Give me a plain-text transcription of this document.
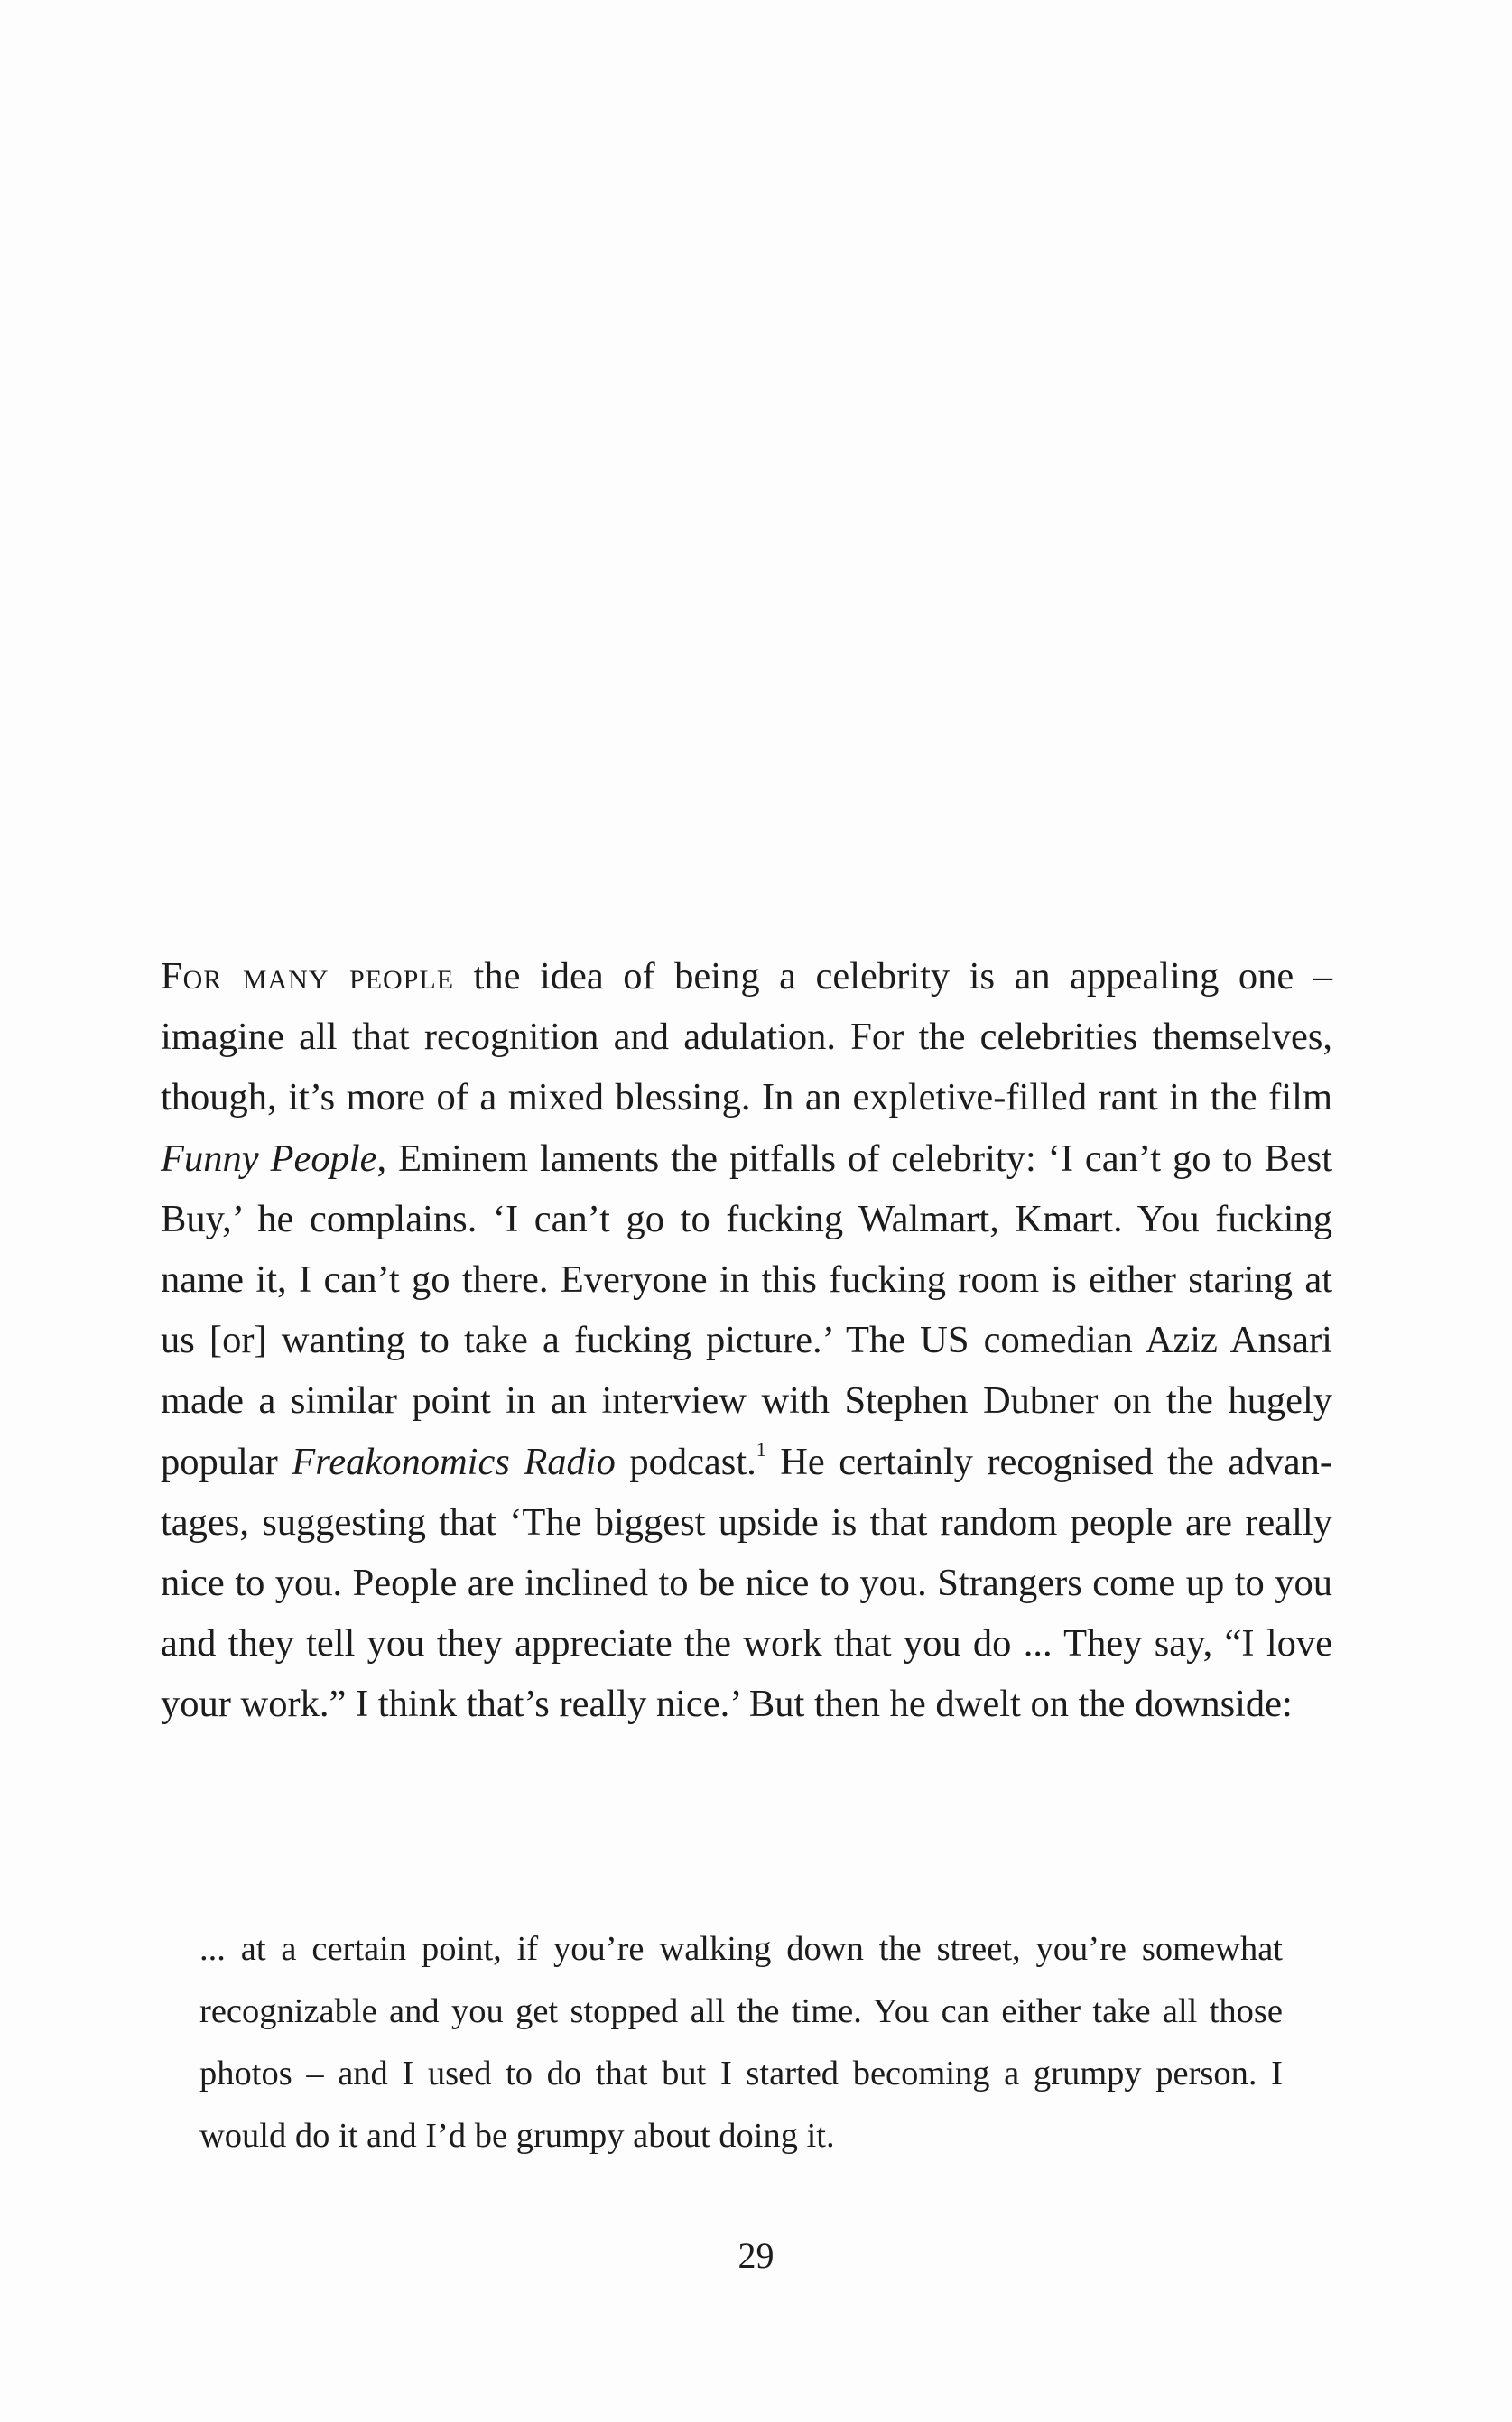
For many people the idea of being a celebrity is an appealing one – imagine all that recognition and adulation. For the celebrities themselves, though, it’s more of a mixed blessing. In an expletive-filled rant in the film Funny People, Eminem laments the pitfalls of celebrity: ‘I can’t go to Best Buy,’ he complains. ‘I can’t go to fucking Walmart, Kmart. You fucking name it, I can’t go there. Everyone in this fucking room is either staring at us [or] wanting to take a fucking picture.’ The US comedian Aziz Ansari made a similar point in an interview with Stephen Dubner on the hugely popular Freakonomics Radio podcast.$^1$ He certainly recognised the advantages, suggesting that ‘The biggest upside is that random people are really nice to you. People are inclined to be nice to you. Strangers come up to you and they tell you they appreciate the work that you do ... They say, “I love your work.” I think that’s really nice.’ But then he dwelt on the downside:

... at a certain point, if you’re walking down the street, you’re somewhat recognizable and you get stopped all the time. You can either take all those photos – and I used to do that but I started becoming a grumpy person. I would do it and I’d be grumpy about doing it.

29
